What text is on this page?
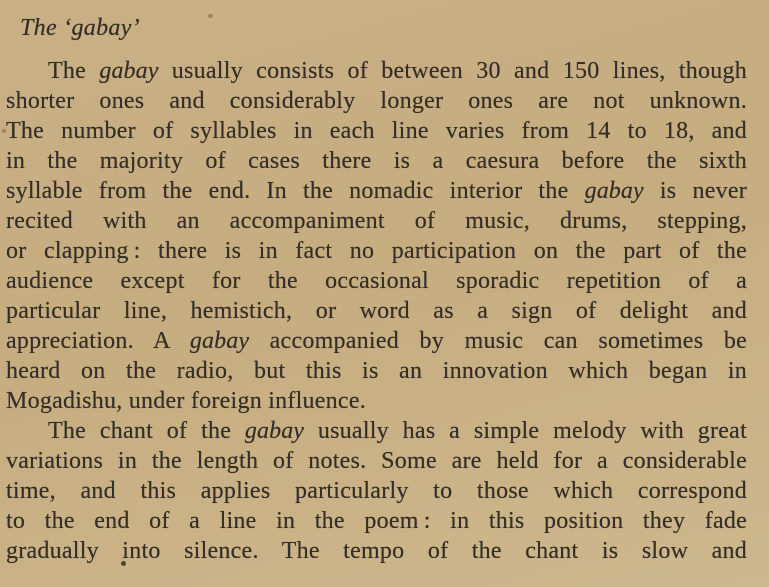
The ‘gabay’
The gabay usually consists of between 30 and 150 lines, though
shorter ones and considerably longer ones are not unknown.
The number of syllables in each line varies from 14 to 18, and
in the majority of cases there is a caesura before the sixth
syllable from the end. In the nomadic interior the gabay is never
recited with an accompaniment of music, drums, stepping,
or clapping : there is in fact no participation on the part of the
audience except for the occasional sporadic repetition of a
particular line, hemistich, or word as a sign of delight and
appreciation. A gabay accompanied by music can sometimes be
heard on the radio, but this is an innovation which began in
Mogadishu, under foreign influence.
The chant of the gabay usually has a simple melody with great
variations in the length of notes. Some are held for a considerable
time, and this applies particularly to those which correspond
to the end of a line in the poem : in this position they fade
gradually into silence. The tempo of the chant is slow and
